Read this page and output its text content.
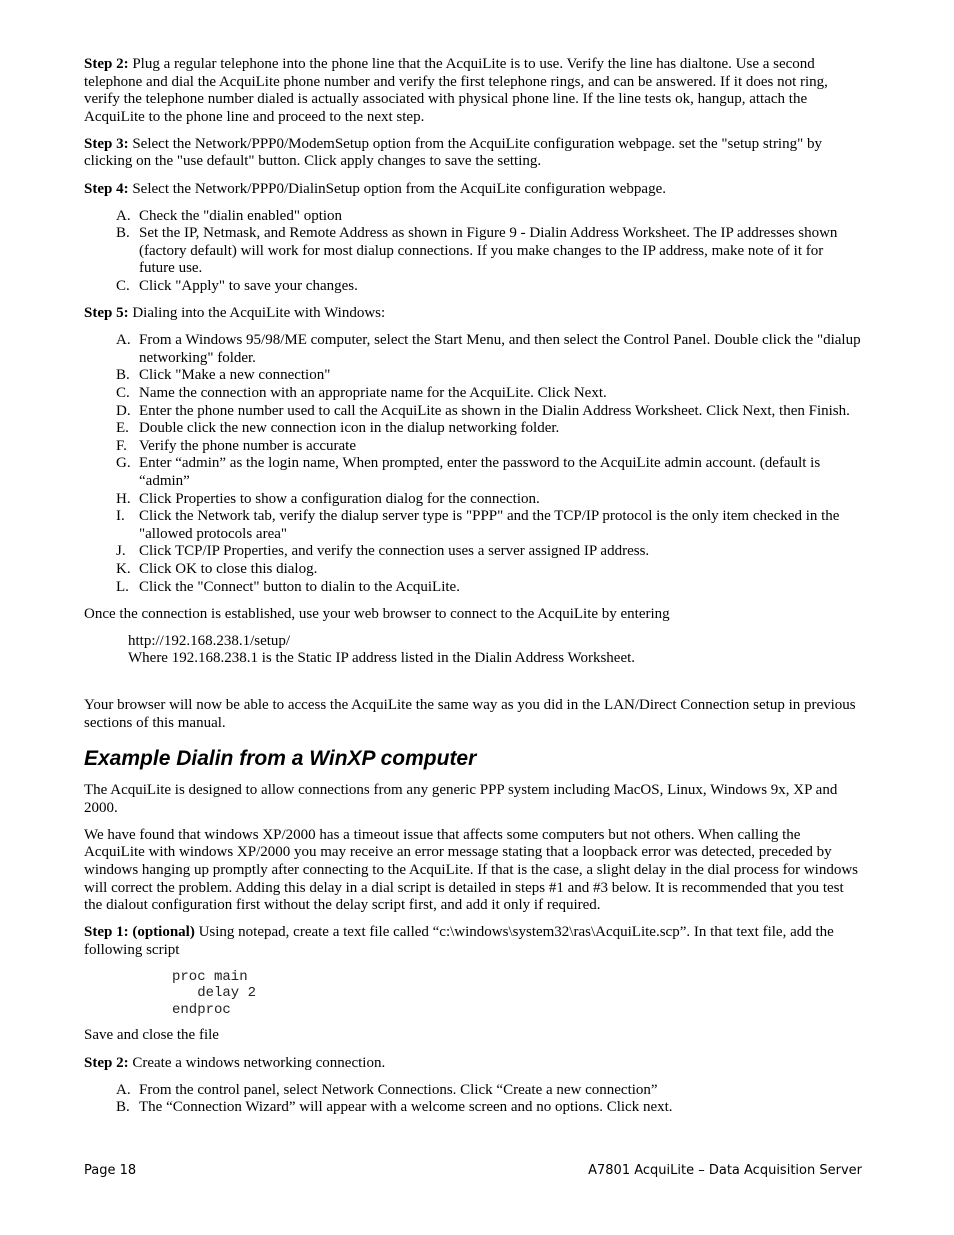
Step 2: Plug a regular telephone into the phone line that the AcquiLite is to use. Verify the line has dialtone. Use a second telephone and dial the AcquiLite phone number and verify the first telephone rings, and can be answered. If it does not ring, verify the telephone number dialed is actually associated with physical phone line. If the line tests ok, hangup, attach the AcquiLite to the phone line and proceed to the next step.

Step 3: Select the Network/PPP0/ModemSetup option from the AcquiLite configuration webpage. set the "setup string" by clicking on the "use default" button. Click apply changes to save the setting.

Step 4: Select the Network/PPP0/DialinSetup option from the AcquiLite configuration webpage.

A. Check the "dialin enabled" option
B. Set the IP, Netmask, and Remote Address as shown in Figure 9 - Dialin Address Worksheet. The IP addresses shown (factory default) will work for most dialup connections. If you make changes to the IP address, make note of it for future use.
C. Click "Apply" to save your changes.

Step 5: Dialing into the AcquiLite with Windows:

A. From a Windows 95/98/ME computer, select the Start Menu, and then select the Control Panel. Double click the "dialup networking" folder.
B. Click "Make a new connection"
C. Name the connection with an appropriate name for the AcquiLite. Click Next.
D. Enter the phone number used to call the AcquiLite as shown in the Dialin Address Worksheet. Click Next, then Finish.
E. Double click the new connection icon in the dialup networking folder.
F. Verify the phone number is accurate
G. Enter “admin” as the login name, When prompted, enter the password to the AcquiLite admin account. (default is “admin”
H. Click Properties to show a configuration dialog for the connection.
I. Click the Network tab, verify the dialup server type is "PPP" and the TCP/IP protocol is the only item checked in the "allowed protocols area"
J. Click TCP/IP Properties, and verify the connection uses a server assigned IP address.
K. Click OK to close this dialog.
L. Click the "Connect" button to dialin to the AcquiLite.

Once the connection is established, use your web browser to connect to the AcquiLite by entering

http://192.168.238.1/setup/
Where 192.168.238.1 is the Static IP address listed in the Dialin Address Worksheet.

Your browser will now be able to access the AcquiLite the same way as you did in the LAN/Direct Connection setup in previous sections of this manual.

Example Dialin from a WinXP computer

The AcquiLite is designed to allow connections from any generic PPP system including MacOS, Linux, Windows 9x, XP and 2000.

We have found that windows XP/2000 has a timeout issue that affects some computers but not others. When calling the AcquiLite with windows XP/2000 you may receive an error message stating that a loopback error was detected, preceded by windows hanging up promptly after connecting to the AcquiLite. If that is the case, a slight delay in the dial process for windows will correct the problem. Adding this delay in a dial script is detailed in steps #1 and #3 below. It is recommended that you test the dialout configuration first without the delay script first, and add it only if required.

Step 1: (optional) Using notepad, create a text file called “c:\windows\system32\ras\AcquiLite.scp”. In that text file, add the following script

proc main
delay 2
endproc

Save and close the file

Step 2: Create a windows networking connection.

A. From the control panel, select Network Connections. Click “Create a new connection”
B. The “Connection Wizard” will appear with a welcome screen and no options. Click next.
Page 18	A7801 AcquiLite – Data Acquisition Server
